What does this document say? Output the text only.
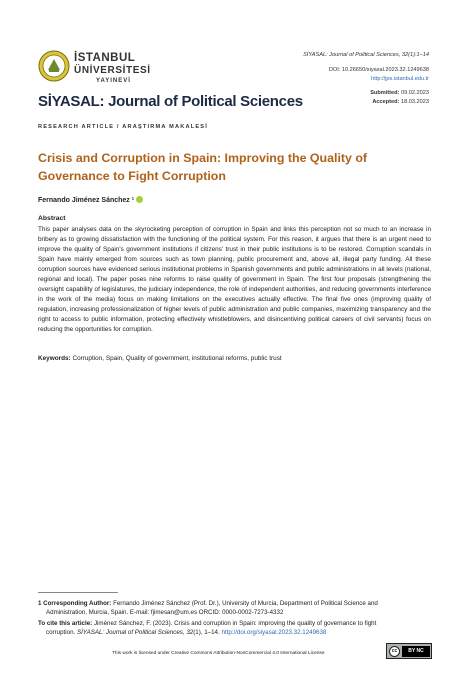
İSTANBUL
ÜNİVERSİTESİ
YAYINEVİ
SİYASAL: Journal of Political Sciences, 32(1):1–14
DOI: 10.26650/siyasal.2023.32.1249638
http://jps.istanbul.edu.tr
SİYASAL: Journal of Political Sciences	Submitted: 09.02.2023
Accepted: 18.03.2023
RESEARCH ARTICLE / ARAŞTIRMA MAKALESİ
Crisis and Corruption in Spain: Improving the Quality of Governance to Fight Corruption
Fernando Jiménez Sánchez ¹
Abstract
This paper analyses data on the skyrocketing perception of corruption in Spain and links this perception not so much to an increase in bribery as to growing dissatisfaction with the functioning of the political system. For this reason, it argues that there is an urgent need to improve the quality of Spain's government institutions if citizens' trust in their public institutions is to be restored. Corruption scandals in Spain have mainly emerged from sources such as town planning, public procurement and, above all, illegal party funding. All these corruption sources have evidenced serious institutional problems in Spanish governments and public administrations in all levels (national, regional and local). The paper poses nine reforms to raise quality of government in Spain. The first four proposals (strengthening the oversight capability of legislatures, the judiciary independence, the role of independent authorities, and reducing governments interference in the work of the media) focus on making limitations on the executives actually effective. The final five ones (improving quality of regulation, increasing professionalization of higher levels of public administration and public companies, maximizing transparency and the right to access to public information, protecting effectively whistleblowers, and disincentiving political careers of civil servants) focus on reducing the opportunities for corruption.
Keywords: Corruption, Spain, Quality of government, institutional reforms, public trust
1 Corresponding Author: Fernando Jiménez Sánchez (Prof. Dr.), University of Murcia, Department of Political Science and
Administration, Murcia, Spain. E-mail: fjimesan@um.es ORCID: 0000-0002-7273-4332
To cite this article: Jiménez Sánchez, F. (2023). Crisis and corruption in Spain: improving the quality of governance to fight
corruption. SİYASAL: Journal of Political Sciences, 32(1), 1–14. http://doi.org/siyasal.2023.32.1249638
This work is licensed under Creative Commons Attribution-NonCommercial 4.0 International License	cc	BY NC
